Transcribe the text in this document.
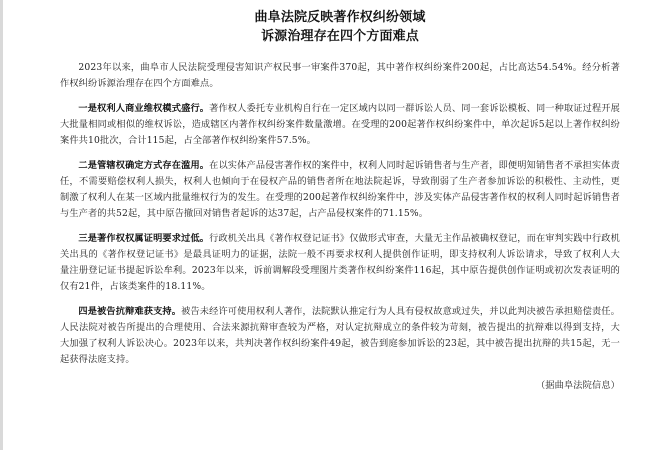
曲阜法院反映著作权纠纷领域
诉源治理存在四个方面难点

2023年以来，曲阜市人民法院受理侵害知识产权民事一审案件370起，其中著作权纠纷案件200起，占比高达54.54%。经分析著作权纠纷诉源治理存在四个方面难点。

一是权利人商业维权模式盛行。著作权人委托专业机构自行在一定区域内以同一群诉讼人员、同一套诉讼模板、同一种取证过程开展大批量相同或相似的维权诉讼，造成辖区内著作权纠纷案件数量激增。在受理的200起著作权纠纷案件中，单次起诉5起以上著作权纠纷案件共10批次，合计115起，占全部著作权纠纷案件57.5%。

二是管辖权确定方式存在滥用。在以实体产品侵害著作权的案件中，权利人同时起诉销售者与生产者，即便明知销售者不承担实体责任，不需要赔偿权利人损失，权利人也倾向于在侵权产品的销售者所在地法院起诉，导致削弱了生产者参加诉讼的积极性、主动性，更制激了权利人在某一区域内批量维权行为的发生。在受理的200起著作权纠纷案件中，涉及实体产品侵害著作权的权利人同时起诉销售者与生产者的共52起，其中原告撤回对销售者起诉的达37起，占产品侵权案件的71.15%。

三是著作权权属证明要求过低。行政机关出具《著作权登记证书》仅做形式审查，大量无主作品被确权登记，而在审判实践中行政机关出具的《著作权登记证书》是最具证明力的证据，法院一般不再要求权利人提供创作证明，即支持权利人诉讼请求，导致了权利人大量注册登记证书提起诉讼牟利。2023年以来，诉前调解段受理图片类著作权纠纷案件116起，其中原告提供创作证明或初次发表证明的仅有21件，占该类案件的18.11%。

四是被告抗辩难获支持。被告未经许可使用权利人著作，法院默认推定行为人具有侵权故意或过失，并以此判决被告承担赔偿责任。人民法院对被告所提出的合理使用、合法来源抗辩审查较为严格，对认定抗辩成立的条件较为苛刻，被告提出的抗辩难以得到支持，大大加强了权利人诉讼决心。2023年以来，共判决著作权纠纷案件49起，被告到庭参加诉讼的23起，其中被告提出抗辩的共15起，无一起获得法庭支持。

（据曲阜法院信息）
